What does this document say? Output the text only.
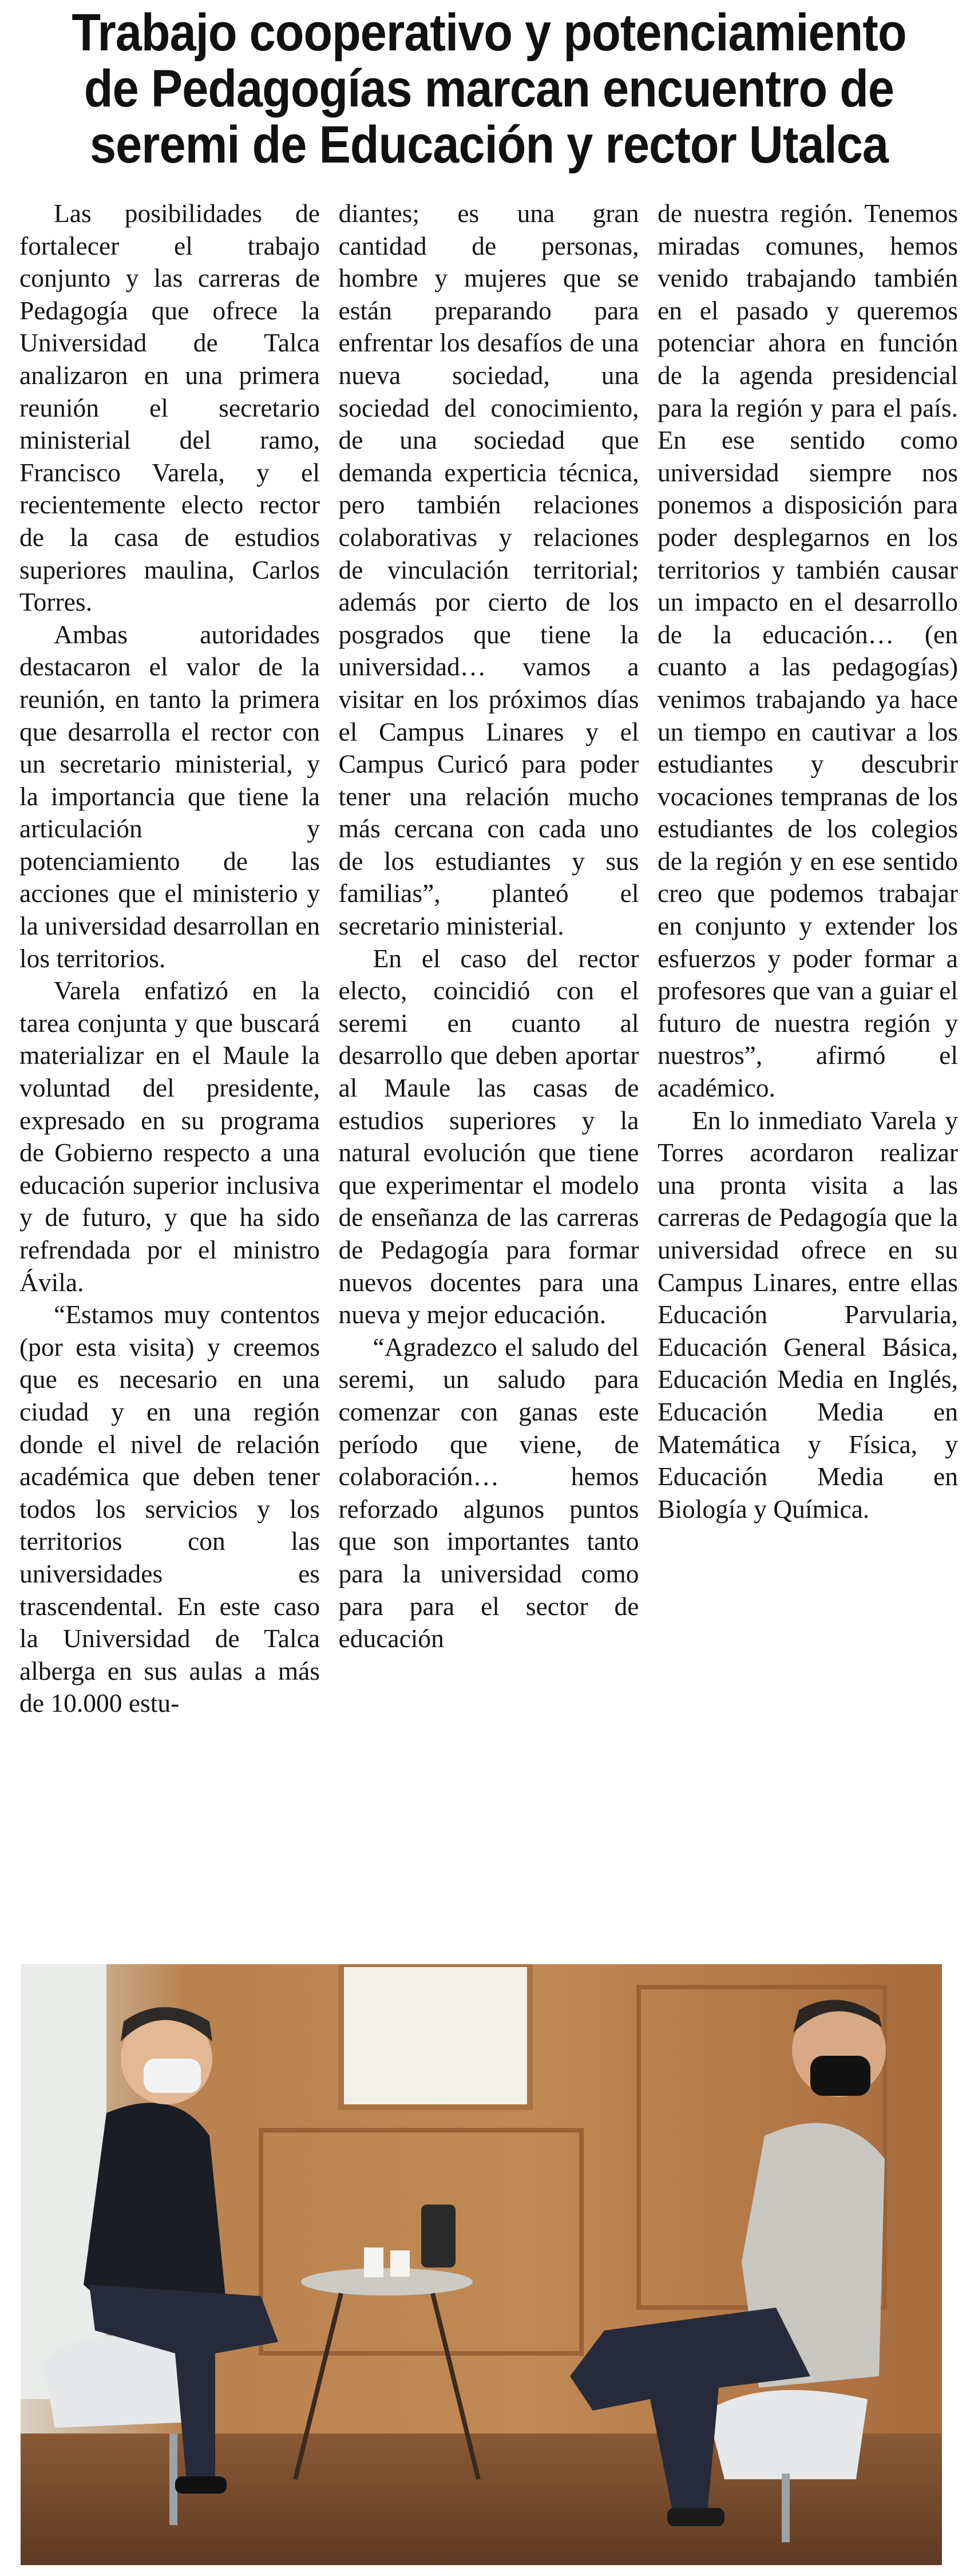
Trabajo cooperativo y potenciamiento
de Pedagogías marcan encuentro de
seremi de Educación y rector Utalca

Las posibilidades de fortalecer el trabajo conjunto y las carreras de Pedagogía que ofrece la Universidad de Talca analizaron en una primera reunión el secretario ministerial del ramo, Francisco Varela, y el recientemente electo rector de la casa de estudios superiores maulina, Carlos Torres.

Ambas autoridades destacaron el valor de la reunión, en tanto la primera que desarrolla el rector con un secretario ministerial, y la importancia que tiene la articulación y potenciamiento de las acciones que el ministerio y la universidad desarrollan en los territorios.

Varela enfatizó en la tarea conjunta y que buscará materializar en el Maule la voluntad del presidente, expresado en su programa de Gobierno respecto a una educación superior inclusiva y de futuro, y que ha sido refrendada por el ministro Ávila.

“Estamos muy contentos (por esta visita) y creemos que es necesario en una ciudad y en una región donde el nivel de relación académica que deben tener todos los servicios y los territorios con las universidades es trascendental. En este caso la Universidad de Talca alberga en sus aulas a más de 10.000 estu-

diantes; es una gran cantidad de personas, hombre y mujeres que se están preparando para enfrentar los desafíos de una nueva sociedad, una sociedad del conocimiento, de una sociedad que demanda experticia técnica, pero también relaciones colaborativas y relaciones de vinculación territorial; además por cierto de los posgrados que tiene la universidad… vamos a visitar en los próximos días el Campus Linares y el Campus Curicó para poder tener una relación mucho más cercana con cada uno de los estudiantes y sus familias”, planteó el secretario ministerial.

En el caso del rector electo, coincidió con el seremi en cuanto al desarrollo que deben aportar al Maule las casas de estudios superiores y la natural evolución que tiene que experimentar el modelo de enseñanza de las carreras de Pedagogía para formar nuevos docentes para una nueva y mejor educación.

“Agradezco el saludo del seremi, un saludo para comenzar con ganas este período que viene, de colaboración… hemos reforzado algunos puntos que son importantes tanto para la universidad como para para el sector de educación

de nuestra región. Tenemos miradas comunes, hemos venido trabajando también en el pasado y queremos potenciar ahora en función de la agenda presidencial para la región y para el país. En ese sentido como universidad siempre nos ponemos a disposición para poder desplegarnos en los territorios y también causar un impacto en el desarrollo de la educación… (en cuanto a las pedagogías) venimos trabajando ya hace un tiempo en cautivar a los estudiantes y descubrir vocaciones tempranas de los estudiantes de los colegios de la región y en ese sentido creo que podemos trabajar en conjunto y extender los esfuerzos y poder formar a profesores que van a guiar el futuro de nuestra región y nuestros”, afirmó el académico.

En lo inmediato Varela y Torres acordaron realizar una pronta visita a las carreras de Pedagogía que la universidad ofrece en su Campus Linares, entre ellas Educación Parvularia, Educación General Básica, Educación Media en Inglés, Educación Media en Matemática y Física, y Educación Media en Biología y Química.
